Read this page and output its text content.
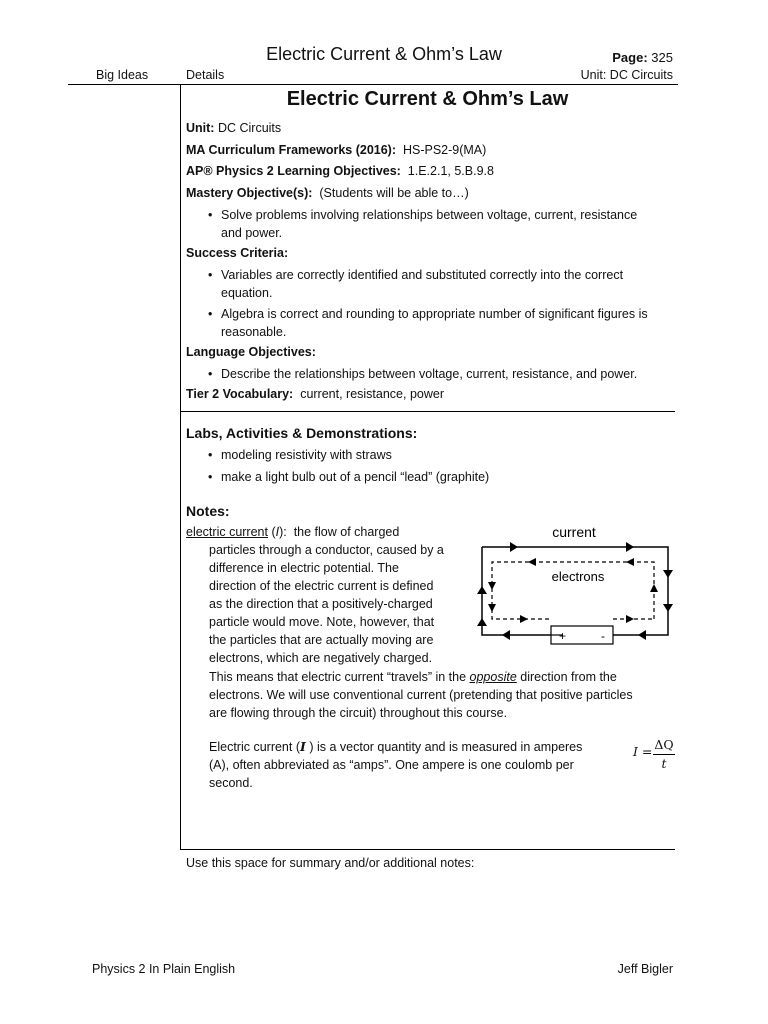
Electric Current & Ohm’s Law	Page: 325
Big Ideas	Details	Unit: DC Circuits
Electric Current & Ohm’s Law
Unit: DC Circuits
MA Curriculum Frameworks (2016): HS-PS2-9(MA)
AP® Physics 2 Learning Objectives: 1.E.2.1, 5.B.9.8
Mastery Objective(s): (Students will be able to…)
• Solve problems involving relationships between voltage, current, resistance
and power.
Success Criteria:
• Variables are correctly identified and substituted correctly into the correct
equation.
• Algebra is correct and rounding to appropriate number of significant figures is
reasonable.
Language Objectives:
• Describe the relationships between voltage, current, resistance, and power.
Tier 2 Vocabulary: current, resistance, power
Labs, Activities & Demonstrations:
• modeling resistivity with straws
• make a light bulb out of a pencil “lead” (graphite)
Notes:
electric current (I):  the flow of charged
particles through a conductor, caused by a
difference in electric potential. The
direction of the electric current is defined
as the direction that a positively-charged
particle would move. Note, however, that
the particles that are actually moving are
electrons, which are negatively charged.
current
+	-
electrons
This means that electric current “travels” in the opposite direction from the
electrons. We will use conventional current (pretending that positive particles
are flowing through the circuit) throughout this course.
Electric current (I ) is a vector quantity and is measured in amperes
(A), often abbreviated as “amps”. One ampere is one coulomb per
second.
I = ΔQ
t
Use this space for summary and/or additional notes:
Physics 2 In Plain English	Jeff Bigler
